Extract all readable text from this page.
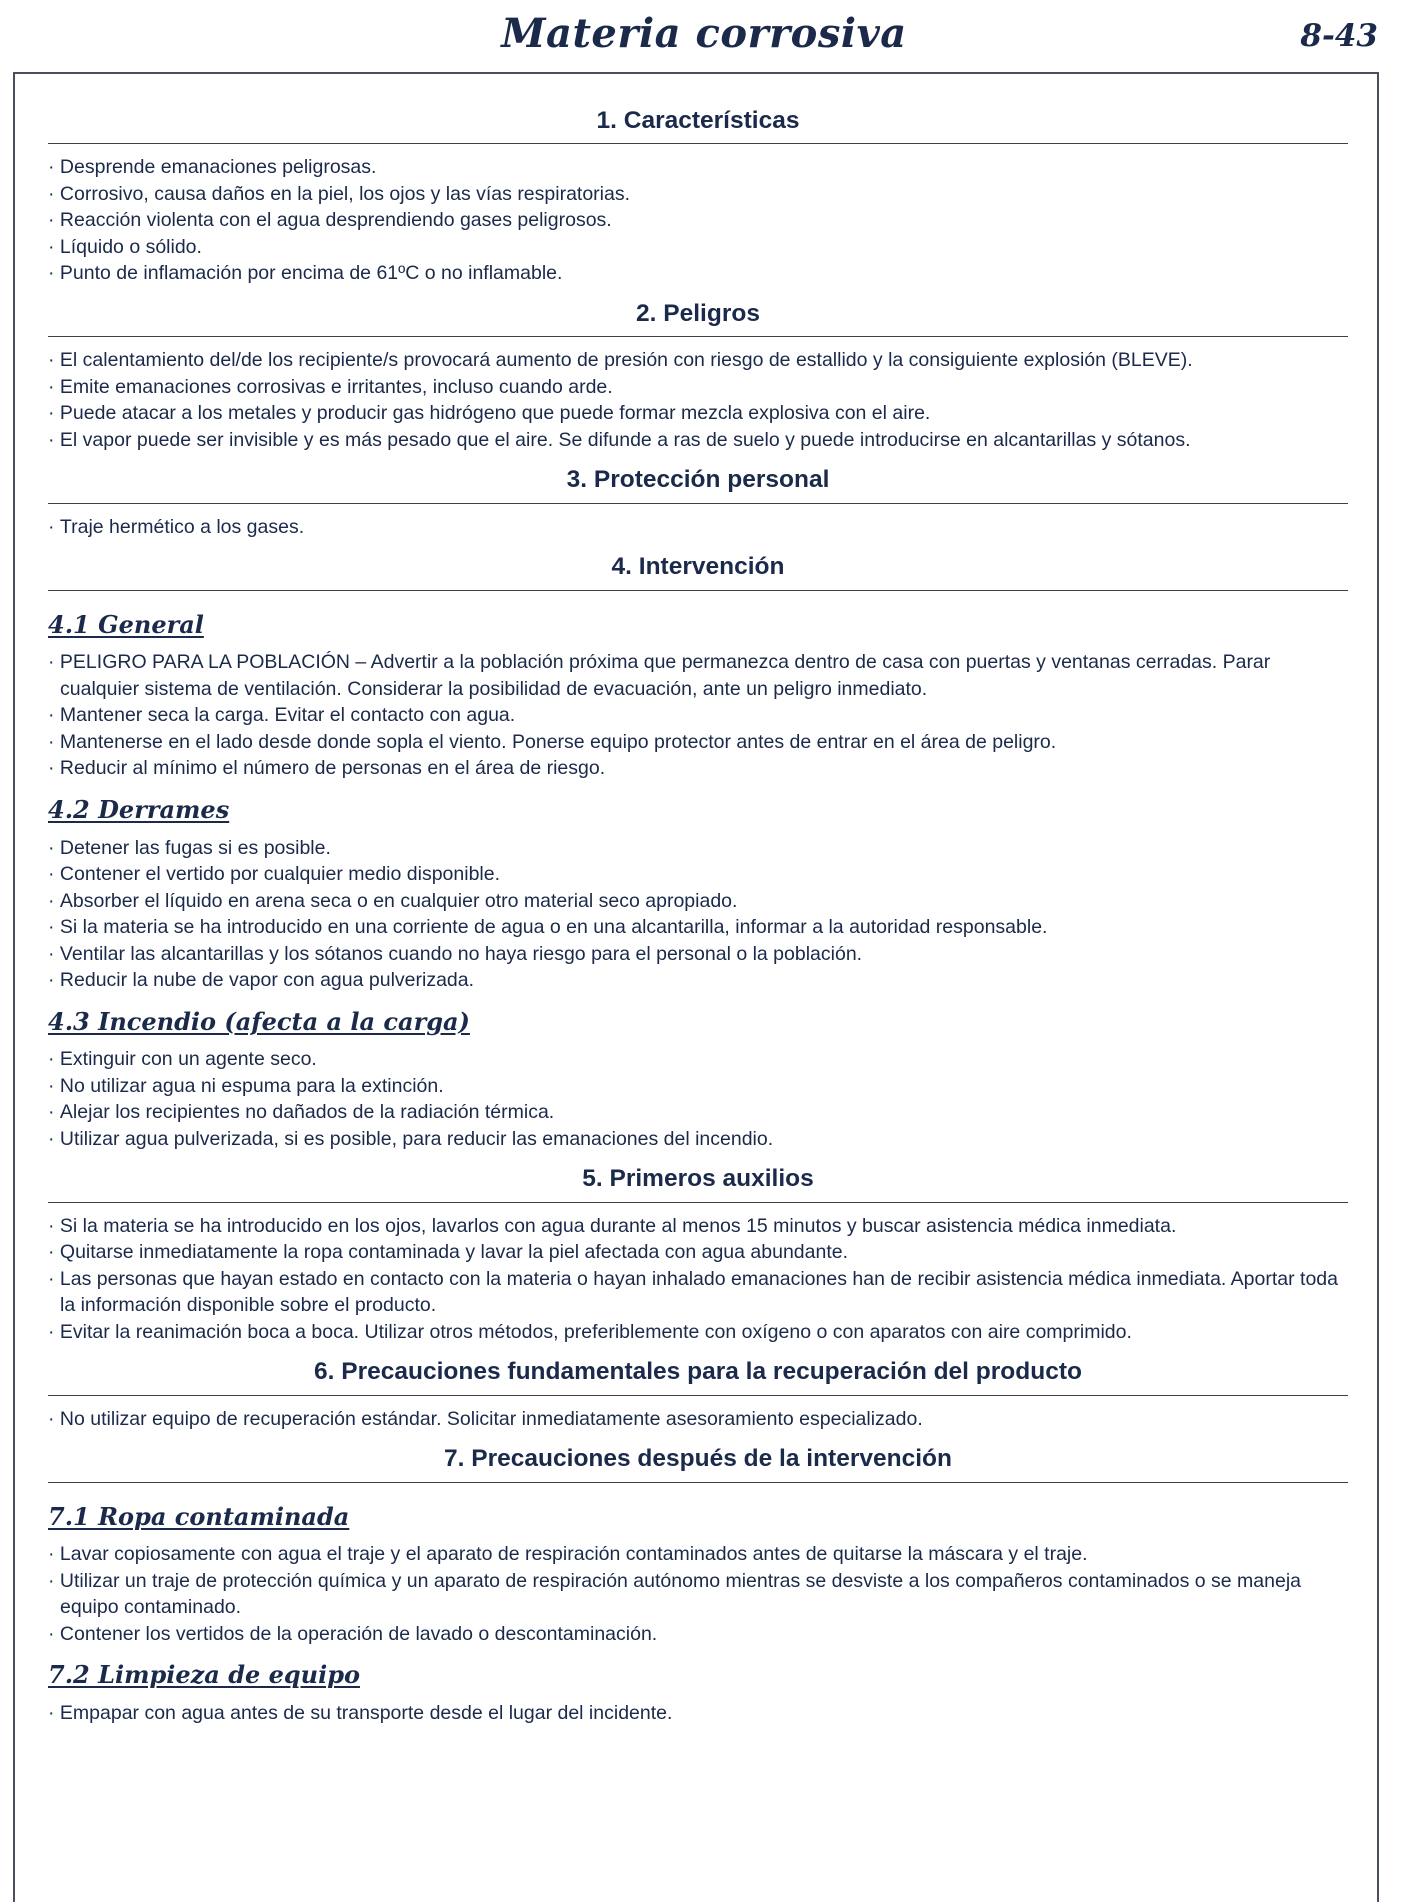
Materia corrosiva	8-43
1. Características
· Desprende emanaciones peligrosas.
· Corrosivo, causa daños en la piel, los ojos y las vías respiratorias.
· Reacción violenta con el agua desprendiendo gases peligrosos.
· Líquido o sólido.
· Punto de inflamación por encima de 61ºC o no inflamable.
2. Peligros
· El calentamiento del/de los recipiente/s provocará aumento de presión con riesgo de estallido y la consiguiente explosión (BLEVE).
· Emite emanaciones corrosivas e irritantes, incluso cuando arde.
· Puede atacar a los metales y producir gas hidrógeno que puede formar mezcla explosiva con el aire.
· El vapor puede ser invisible y es más pesado que el aire. Se difunde a ras de suelo y puede introducirse en alcantarillas y sótanos.
3. Protección personal
· Traje hermético a los gases.
4. Intervención
4.1 General
· PELIGRO PARA LA POBLACIÓN – Advertir a la población próxima que permanezca dentro de casa con puertas y ventanas cerradas. Parar cualquier sistema de ventilación. Considerar la posibilidad de evacuación, ante un peligro inmediato.
· Mantener seca la carga. Evitar el contacto con agua.
· Mantenerse en el lado desde donde sopla el viento. Ponerse equipo protector antes de entrar en el área de peligro.
· Reducir al mínimo el número de personas en el área de riesgo.
4.2 Derrames
· Detener las fugas si es posible.
· Contener el vertido por cualquier medio disponible.
· Absorber el líquido en arena seca o en cualquier otro material seco apropiado.
· Si la materia se ha introducido en una corriente de agua o en una alcantarilla, informar a la autoridad responsable.
· Ventilar las alcantarillas y los sótanos cuando no haya riesgo para el personal o la población.
· Reducir la nube de vapor con agua pulverizada.
4.3 Incendio (afecta a la carga)
· Extinguir con un agente seco.
· No utilizar agua ni espuma para la extinción.
· Alejar los recipientes no dañados de la radiación térmica.
· Utilizar agua pulverizada, si es posible, para reducir las emanaciones del incendio.
5. Primeros auxilios
· Si la materia se ha introducido en los ojos, lavarlos con agua durante al menos 15 minutos y buscar asistencia médica inmediata.
· Quitarse inmediatamente la ropa contaminada y lavar la piel afectada con agua abundante.
· Las personas que hayan estado en contacto con la materia o hayan inhalado emanaciones han de recibir asistencia médica inmediata. Aportar toda la información disponible sobre el producto.
· Evitar la reanimación boca a boca. Utilizar otros métodos, preferiblemente con oxígeno o con aparatos con aire comprimido.
6. Precauciones fundamentales para la recuperación del producto
· No utilizar equipo de recuperación estándar. Solicitar inmediatamente asesoramiento especializado.
7. Precauciones después de la intervención
7.1 Ropa contaminada
· Lavar copiosamente con agua el traje y el aparato de respiración contaminados antes de quitarse la máscara y el traje.
· Utilizar un traje de protección química y un aparato de respiración autónomo mientras se desviste a los compañeros contaminados o se maneja equipo contaminado.
· Contener los vertidos de la operación de lavado o descontaminación.
7.2 Limpieza de equipo
· Empapar con agua antes de su transporte desde el lugar del incidente.
